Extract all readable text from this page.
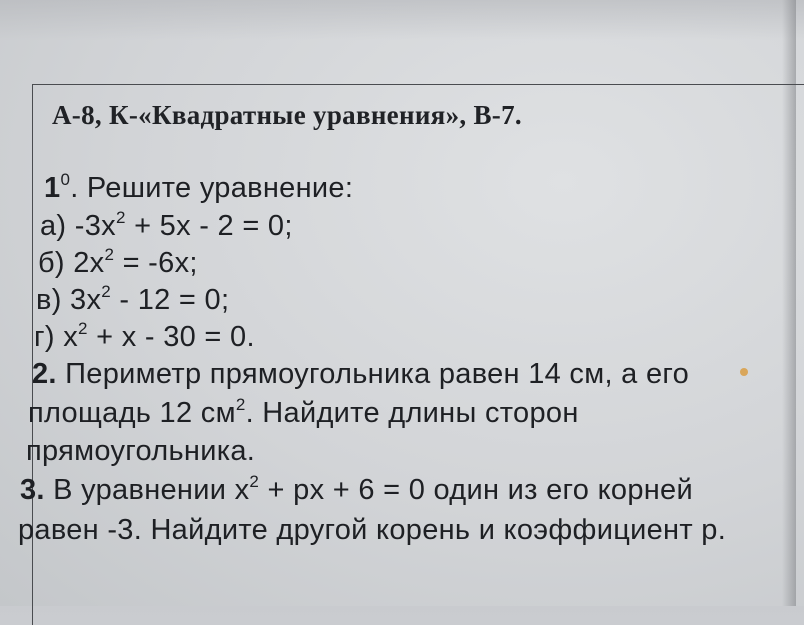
А-8, К-«Квадратные уравнения», В-7.
$1^0$. Решите уравнение:
а) $-3x^2 + 5x - 2 = 0$;
б) $2x^2 = -6x$;
в) $3x^2 - 12 = 0$;
г) $x^2 + x - 30 = 0$.
2. Периметр прямоугольника равен 14 см, а его
площадь 12 $см^2$. Найдите длины сторон
прямоугольника.
3. В уравнении $x^2$ + px + 6 = 0 один из его корней
равен -3. Найдите другой корень и коэффициент р.
